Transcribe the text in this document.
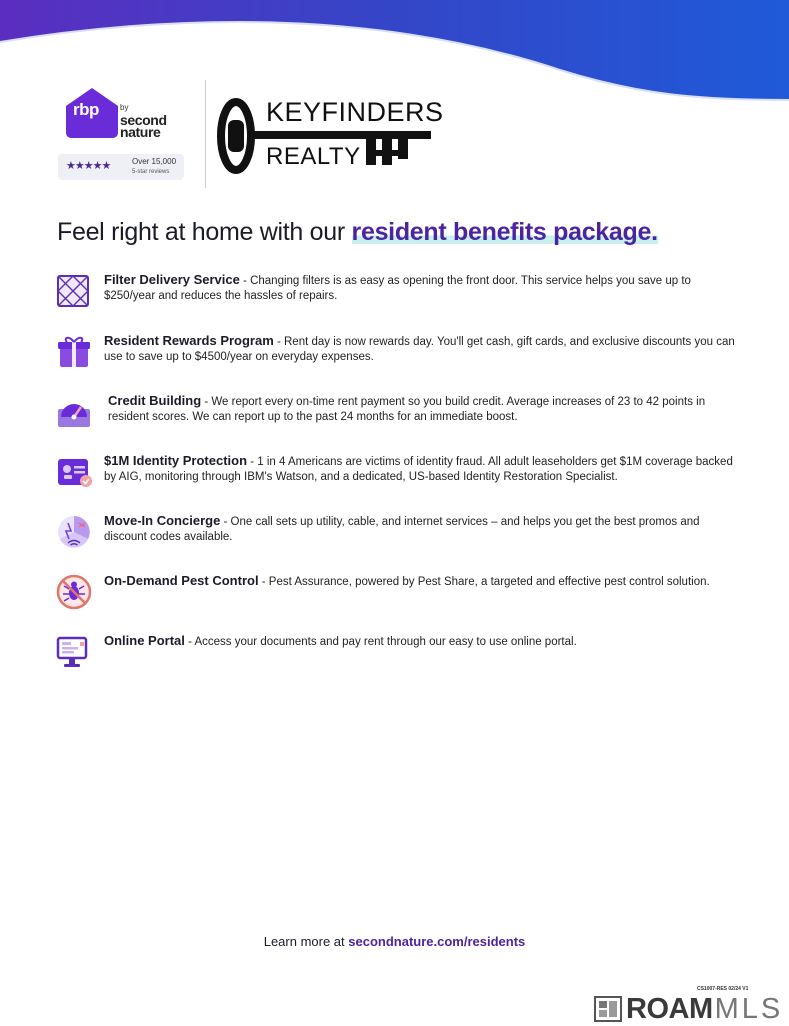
rbp	by
second nature
★★★★★	Over 15,000
5-star reviews
KEYFINDERS
REALTY
Feel right at home with our resident benefits package.
Filter Delivery Service - Changing filters is as easy as opening the front door. This service helps you save up to $250/year and reduces the hassles of repairs.
Resident Rewards Program - Rent day is now rewards day. You'll get cash, gift cards, and exclusive discounts you can use to save up to $4500/year on everyday expenses.
Credit Building - We report every on-time rent payment so you build credit. Average increases of 23 to 42 points in resident scores. We can report up to the past 24 months for an immediate boost.
$1M Identity Protection - 1 in 4 Americans are victims of identity fraud. All adult leaseholders get $1M coverage backed by AIG, monitoring through IBM's Watson, and a dedicated, US-based Identity Restoration Specialist.
Move-In Concierge - One call sets up utility, cable, and internet services – and helps you get the best promos and discount codes available.
On-Demand Pest Control - Pest Assurance, powered by Pest Share, a targeted and effective pest control solution.
Online Portal - Access your documents and pay rent through our easy to use online portal.
Learn more at secondnature.com/residents
CS1007-RES 02/24 V1
ROAMMLS
